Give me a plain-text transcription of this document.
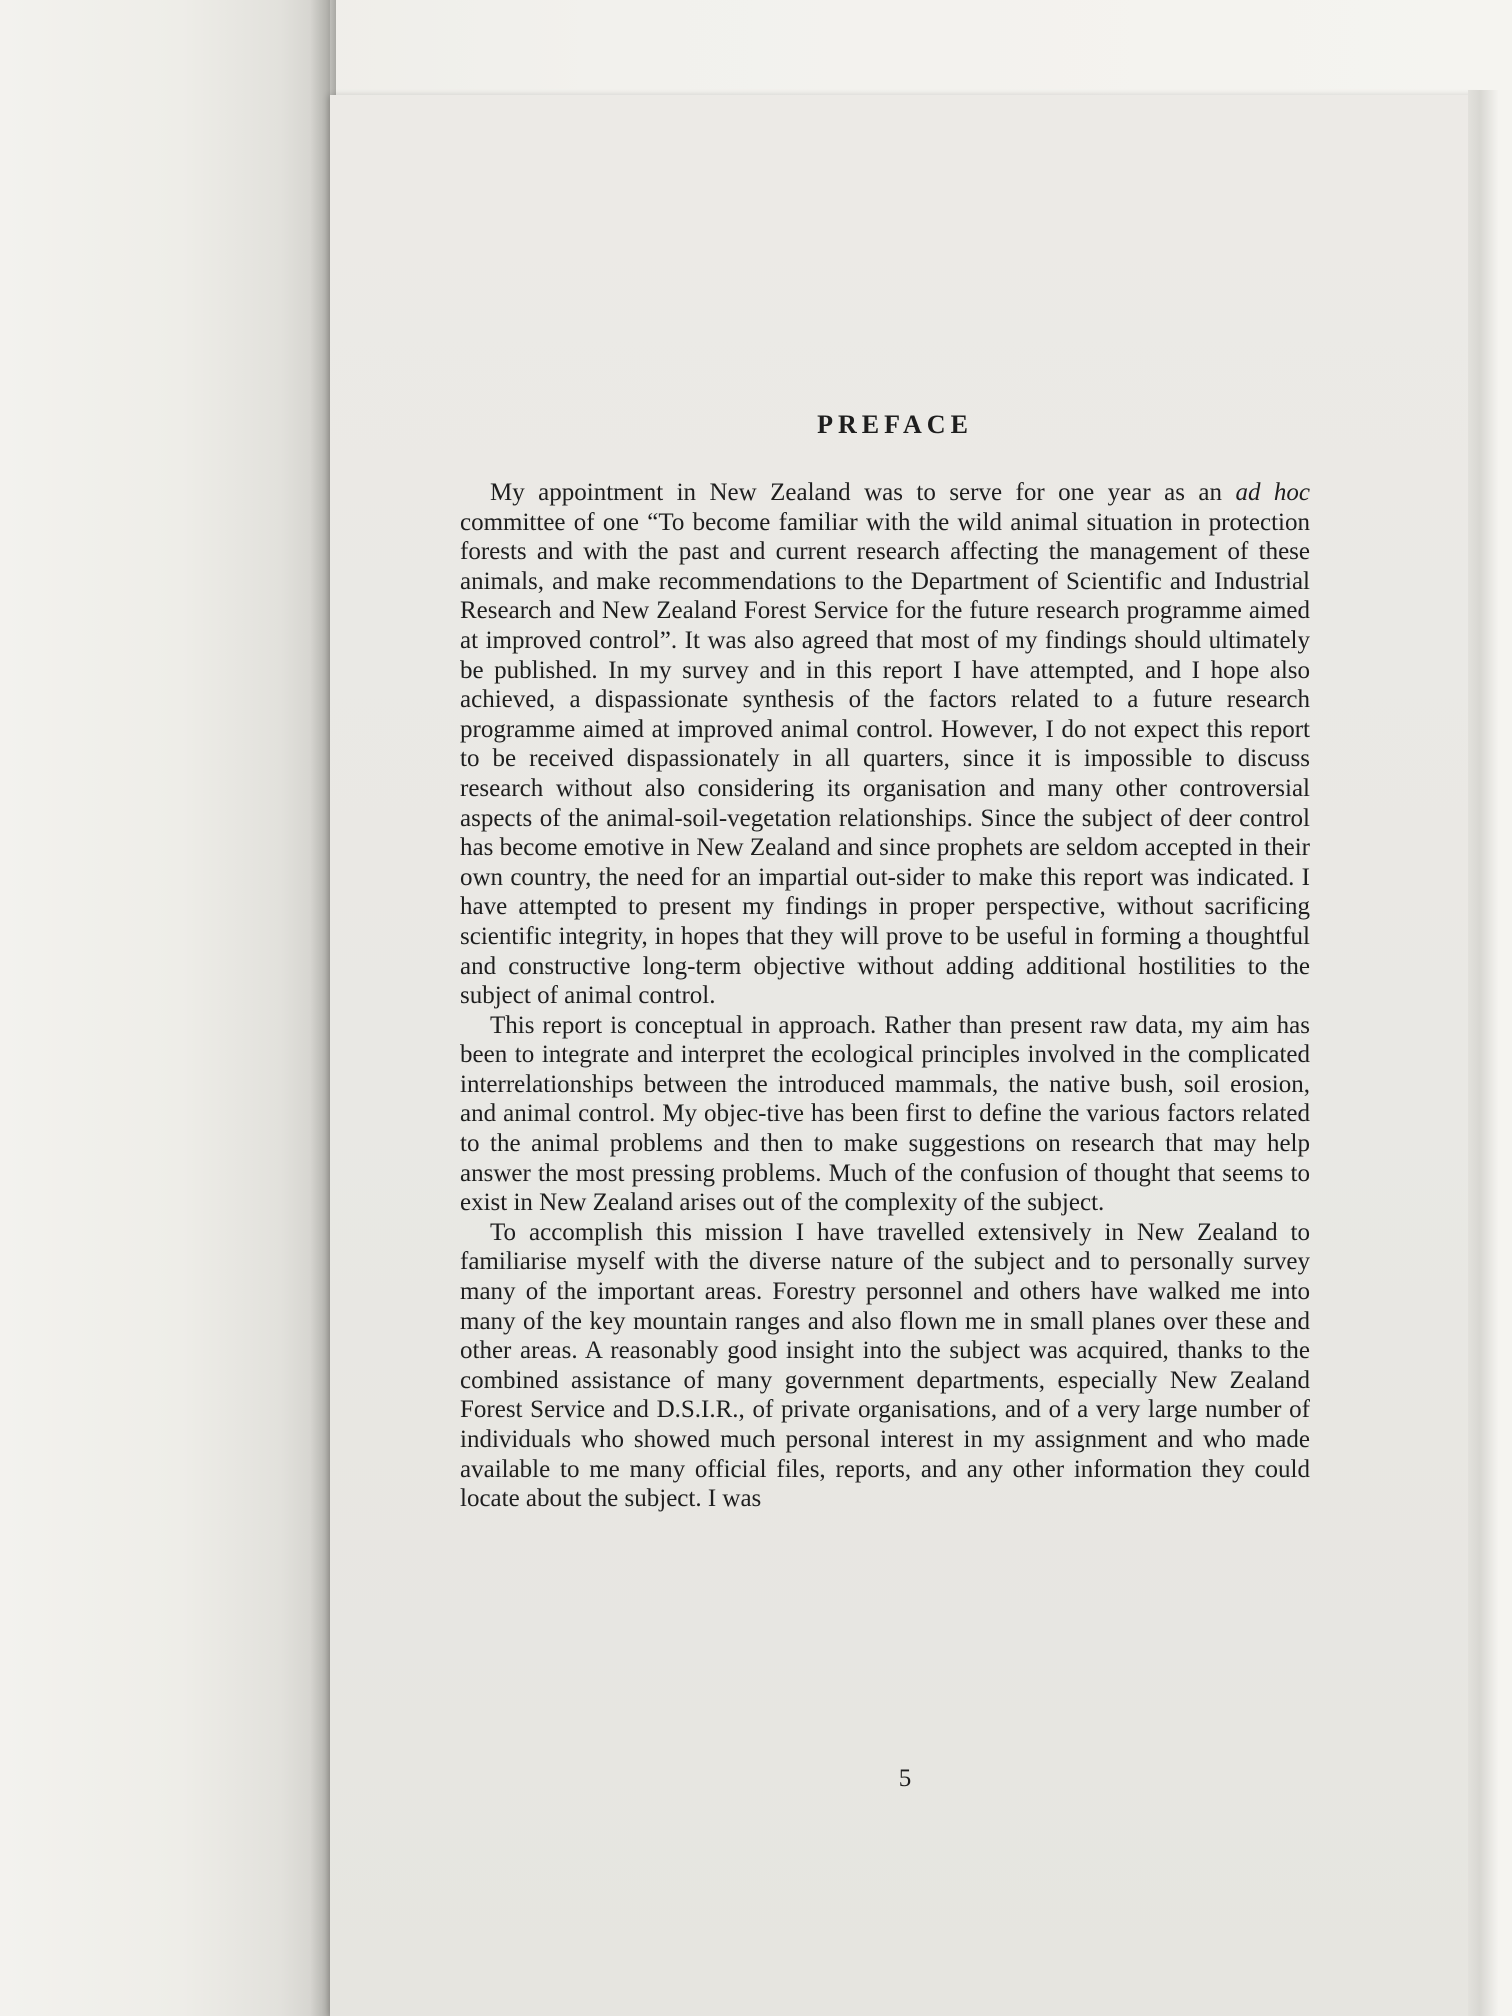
PREFACE

My appointment in New Zealand was to serve for one year as an ad hoc committee of one “To become familiar with the wild animal situation in protection forests and with the past and current research affecting the management of these animals, and make recommendations to the Department of Scientific and Industrial Research and New Zealand Forest Service for the future research programme aimed at improved control”. It was also agreed that most of my findings should ultimately be published. In my survey and in this report I have attempted, and I hope also achieved, a dispassionate synthesis of the factors related to a future research programme aimed at improved animal control. However, I do not expect this report to be received dispassionately in all quarters, since it is impossible to discuss research without also considering its organisation and many other controversial aspects of the animal-soil-vegetation relationships. Since the subject of deer control has become emotive in New Zealand and since prophets are seldom accepted in their own country, the need for an impartial out-sider to make this report was indicated. I have attempted to present my findings in proper perspective, without sacrificing scientific integrity, in hopes that they will prove to be useful in forming a thoughtful and constructive long-term objective without adding additional hostilities to the subject of animal control.

This report is conceptual in approach. Rather than present raw data, my aim has been to integrate and interpret the ecological principles involved in the complicated interrelationships between the introduced mammals, the native bush, soil erosion, and animal control. My objec-tive has been first to define the various factors related to the animal problems and then to make suggestions on research that may help answer the most pressing problems. Much of the confusion of thought that seems to exist in New Zealand arises out of the complexity of the subject.

To accomplish this mission I have travelled extensively in New Zealand to familiarise myself with the diverse nature of the subject and to personally survey many of the important areas. Forestry personnel and others have walked me into many of the key mountain ranges and also flown me in small planes over these and other areas. A reasonably good insight into the subject was acquired, thanks to the combined assistance of many government departments, especially New Zealand Forest Service and D.S.I.R., of private organisations, and of a very large number of individuals who showed much personal interest in my assignment and who made available to me many official files, reports, and any other information they could locate about the subject. I was

5
